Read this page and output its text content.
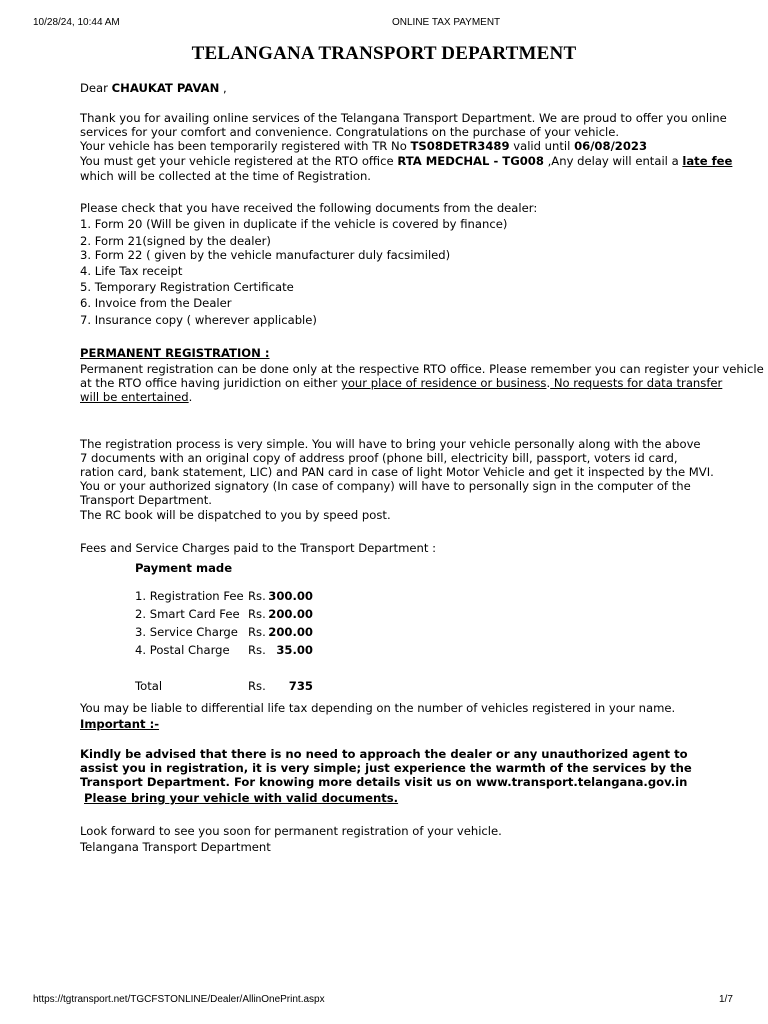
10/28/24, 10:44 AM	ONLINE TAX PAYMENT
TELANGANA TRANSPORT DEPARTMENT
Dear CHAUKAT PAVAN ,
Thank you for availing online services of the Telangana Transport Department. We are proud to offer you online
services for your comfort and convenience. Congratulations on the purchase of your vehicle.
Your vehicle has been temporarily registered with TR No TS08DETR3489 valid until 06/08/2023
You must get your vehicle registered at the RTO office RTA MEDCHAL - TG008 ,Any delay will entail a late fee
which will be collected at the time of Registration.
Please check that you have received the following documents from the dealer:
1. Form 20 (Will be given in duplicate if the vehicle is covered by finance)
2. Form 21(signed by the dealer)
3. Form 22 ( given by the vehicle manufacturer duly facsimiled)
4. Life Tax receipt
5. Temporary Registration Certificate
6. Invoice from the Dealer
7. Insurance copy ( wherever applicable)
PERMANENT REGISTRATION :
Permanent registration can be done only at the respective RTO office. Please remember you can register your vehicle
at the RTO office having juridiction on either your place of residence or business. No requests for data transfer
will be entertained.
The registration process is very simple. You will have to bring your vehicle personally along with the above
7 documents with an original copy of address proof (phone bill, electricity bill, passport, voters id card,
ration card, bank statement, LIC) and PAN card in case of light Motor Vehicle and get it inspected by the MVI.
You or your authorized signatory (In case of company) will have to personally sign in the computer of the
Transport Department.
The RC book will be dispatched to you by speed post.
Fees and Service Charges paid to the Transport Department :
Payment made
1. Registration Fee Rs. 300.00
2. Smart Card Fee Rs. 200.00
3. Service Charge Rs. 200.00
4. Postal Charge Rs. 35.00
Total	Rs.	735
You may be liable to differential life tax depending on the number of vehicles registered in your name.
Important :-
Kindly be advised that there is no need to approach the dealer or any unauthorized agent to
assist you in registration, it is very simple; just experience the warmth of the services by the
Transport Department. For knowing more details visit us on www.transport.telangana.gov.in
Please bring your vehicle with valid documents.
Look forward to see you soon for permanent registration of your vehicle.
Telangana Transport Department
https://tgtransport.net/TGCFSTONLINE/Dealer/AllinOnePrint.aspx	1/7
